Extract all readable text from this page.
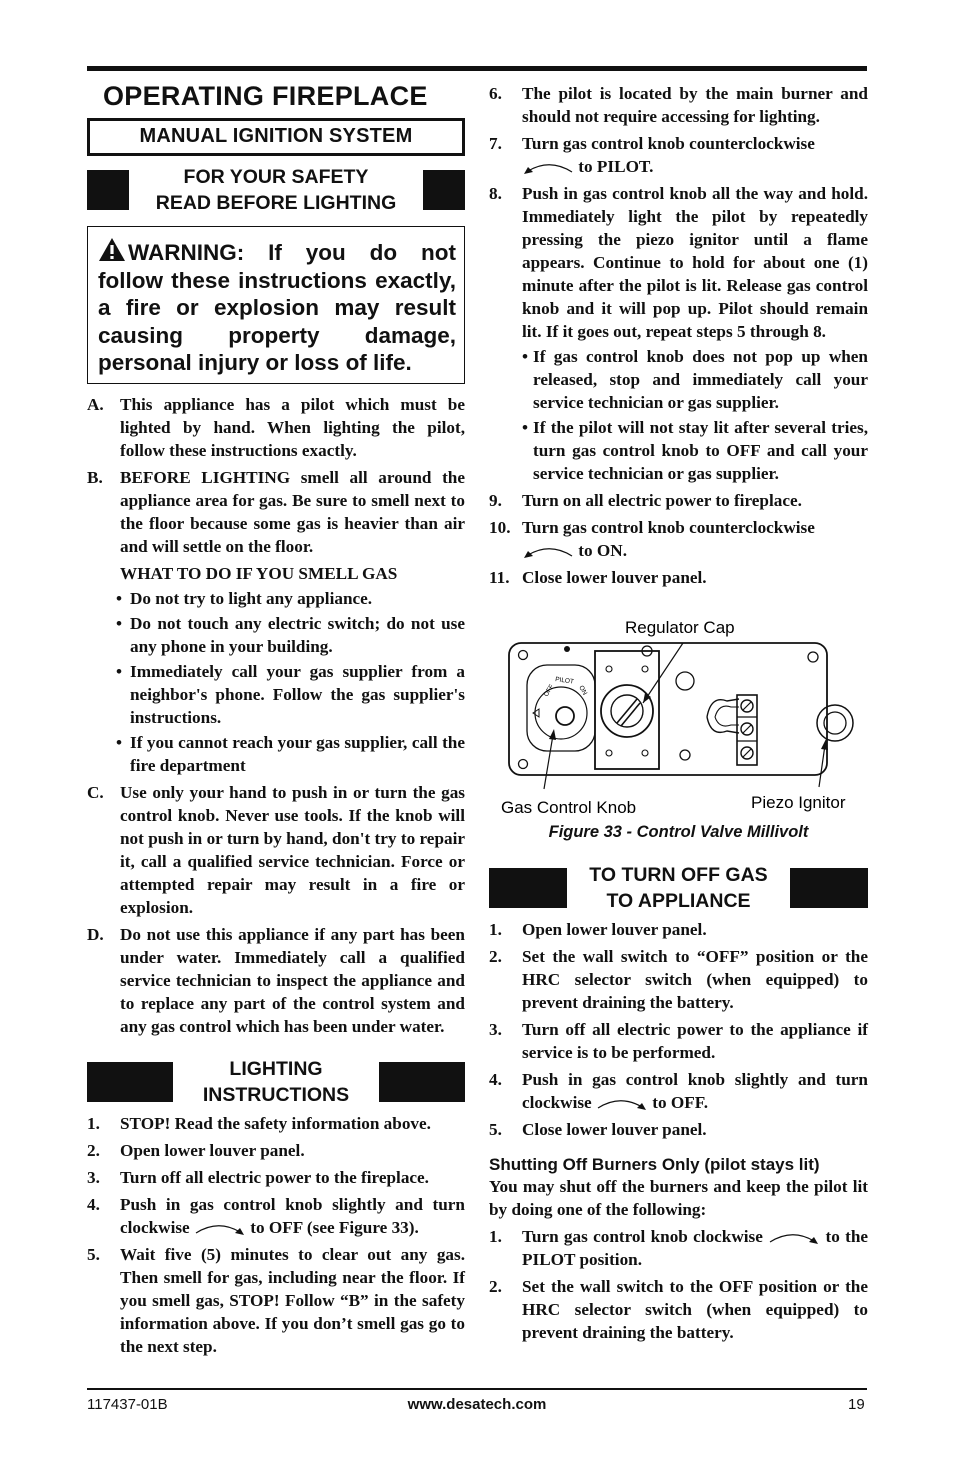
OPERATING FIREPLACE
MANUAL IGNITION SYSTEM
FOR YOUR SAFETY
READ BEFORE LIGHTING
WARNING: If you do not follow these instructions exactly, a fire or explosion may result causing property damage, personal injury or loss of life.
A. This appliance has a pilot which must be lighted by hand. When lighting the pilot, follow these instructions exactly.
B.	BEFORE LIGHTING smell all around the appliance area for gas. Be sure to smell next to the floor because some gas is heavier than air and will settle on the floor.
WHAT TO DO IF YOU SMELL GAS
• Do not try to light any appliance.
• Do not touch any electric switch; do not use any phone in your building.
• Immediately call your gas supplier from a neighbor's phone. Follow the gas supplier's instructions.
• If you cannot reach your gas supplier, call the fire department
C. Use only your hand to push in or turn the gas control knob. Never use tools. If the knob will not push in or turn by hand, don't try to repair it, call a qualified service technician. Force or attempted repair may result in a fire or explosion.
D. Do not use this appliance if any part has been under water. Immediately call a qualified service technician to inspect the appliance and to replace any part of the control system and any gas control which has been under water.
LIGHTING
INSTRUCTIONS
1.	STOP! Read the safety information above.
2.	Open lower louver panel.
3.	Turn off all electric power to the fireplace.
4.	Push in gas control knob slightly and turn clockwise	to OFF (see Figure 33).
5.	Wait five (5) minutes to clear out any gas. Then smell for gas, including near the floor. If you smell gas, STOP! Follow “B” in the safety information above. If you don’t smell gas go to the next step.
6.	The pilot is located by the main burner and should not require accessing for lighting.
7.	Turn gas control knob counterclockwise
to PILOT.
8.	Push in gas control knob all the way and hold. Immediately light the pilot by repeatedly pressing the piezo ignitor until a flame appears. Continue to hold for about one (1) minute after the pilot is lit. Release gas control knob and it will pop up. Pilot should remain lit. If it goes out, repeat steps 5 through 8.
• If gas control knob does not pop up when released, stop and immediately call your service technician or gas supplier.
• If the pilot will not stay lit after several tries, turn gas control knob to OFF and call your service technician or gas supplier.
9.	Turn on all electric power to fireplace.
10. Turn gas control knob counterclockwise
to ON.
11. Close lower louver panel.
OFF
PILOT
ON
Regulator Cap
Gas Control Knob	Piezo Ignitor
Figure 33 - Control Valve Millivolt
TO TURN OFF GAS
TO APPLIANCE
1.	Open lower louver panel.
2.	Set the wall switch to “OFF” position or the HRC selector switch (when equipped) to prevent draining the battery.
3.	Turn off all electric power to the appliance if service is to be performed.
4.	Push in gas control knob slightly and turn clockwise	to OFF.
5.	Close lower louver panel.
Shutting Off Burners Only (pilot stays lit)
You may shut off the burners and keep the pilot lit by doing one of the following:
1.	Turn gas control knob clockwise	to the PILOT position.
2.	Set the wall switch to the OFF position or the HRC selector switch (when equipped) to prevent draining the battery.
117437-01B	www.desatech.com	19
